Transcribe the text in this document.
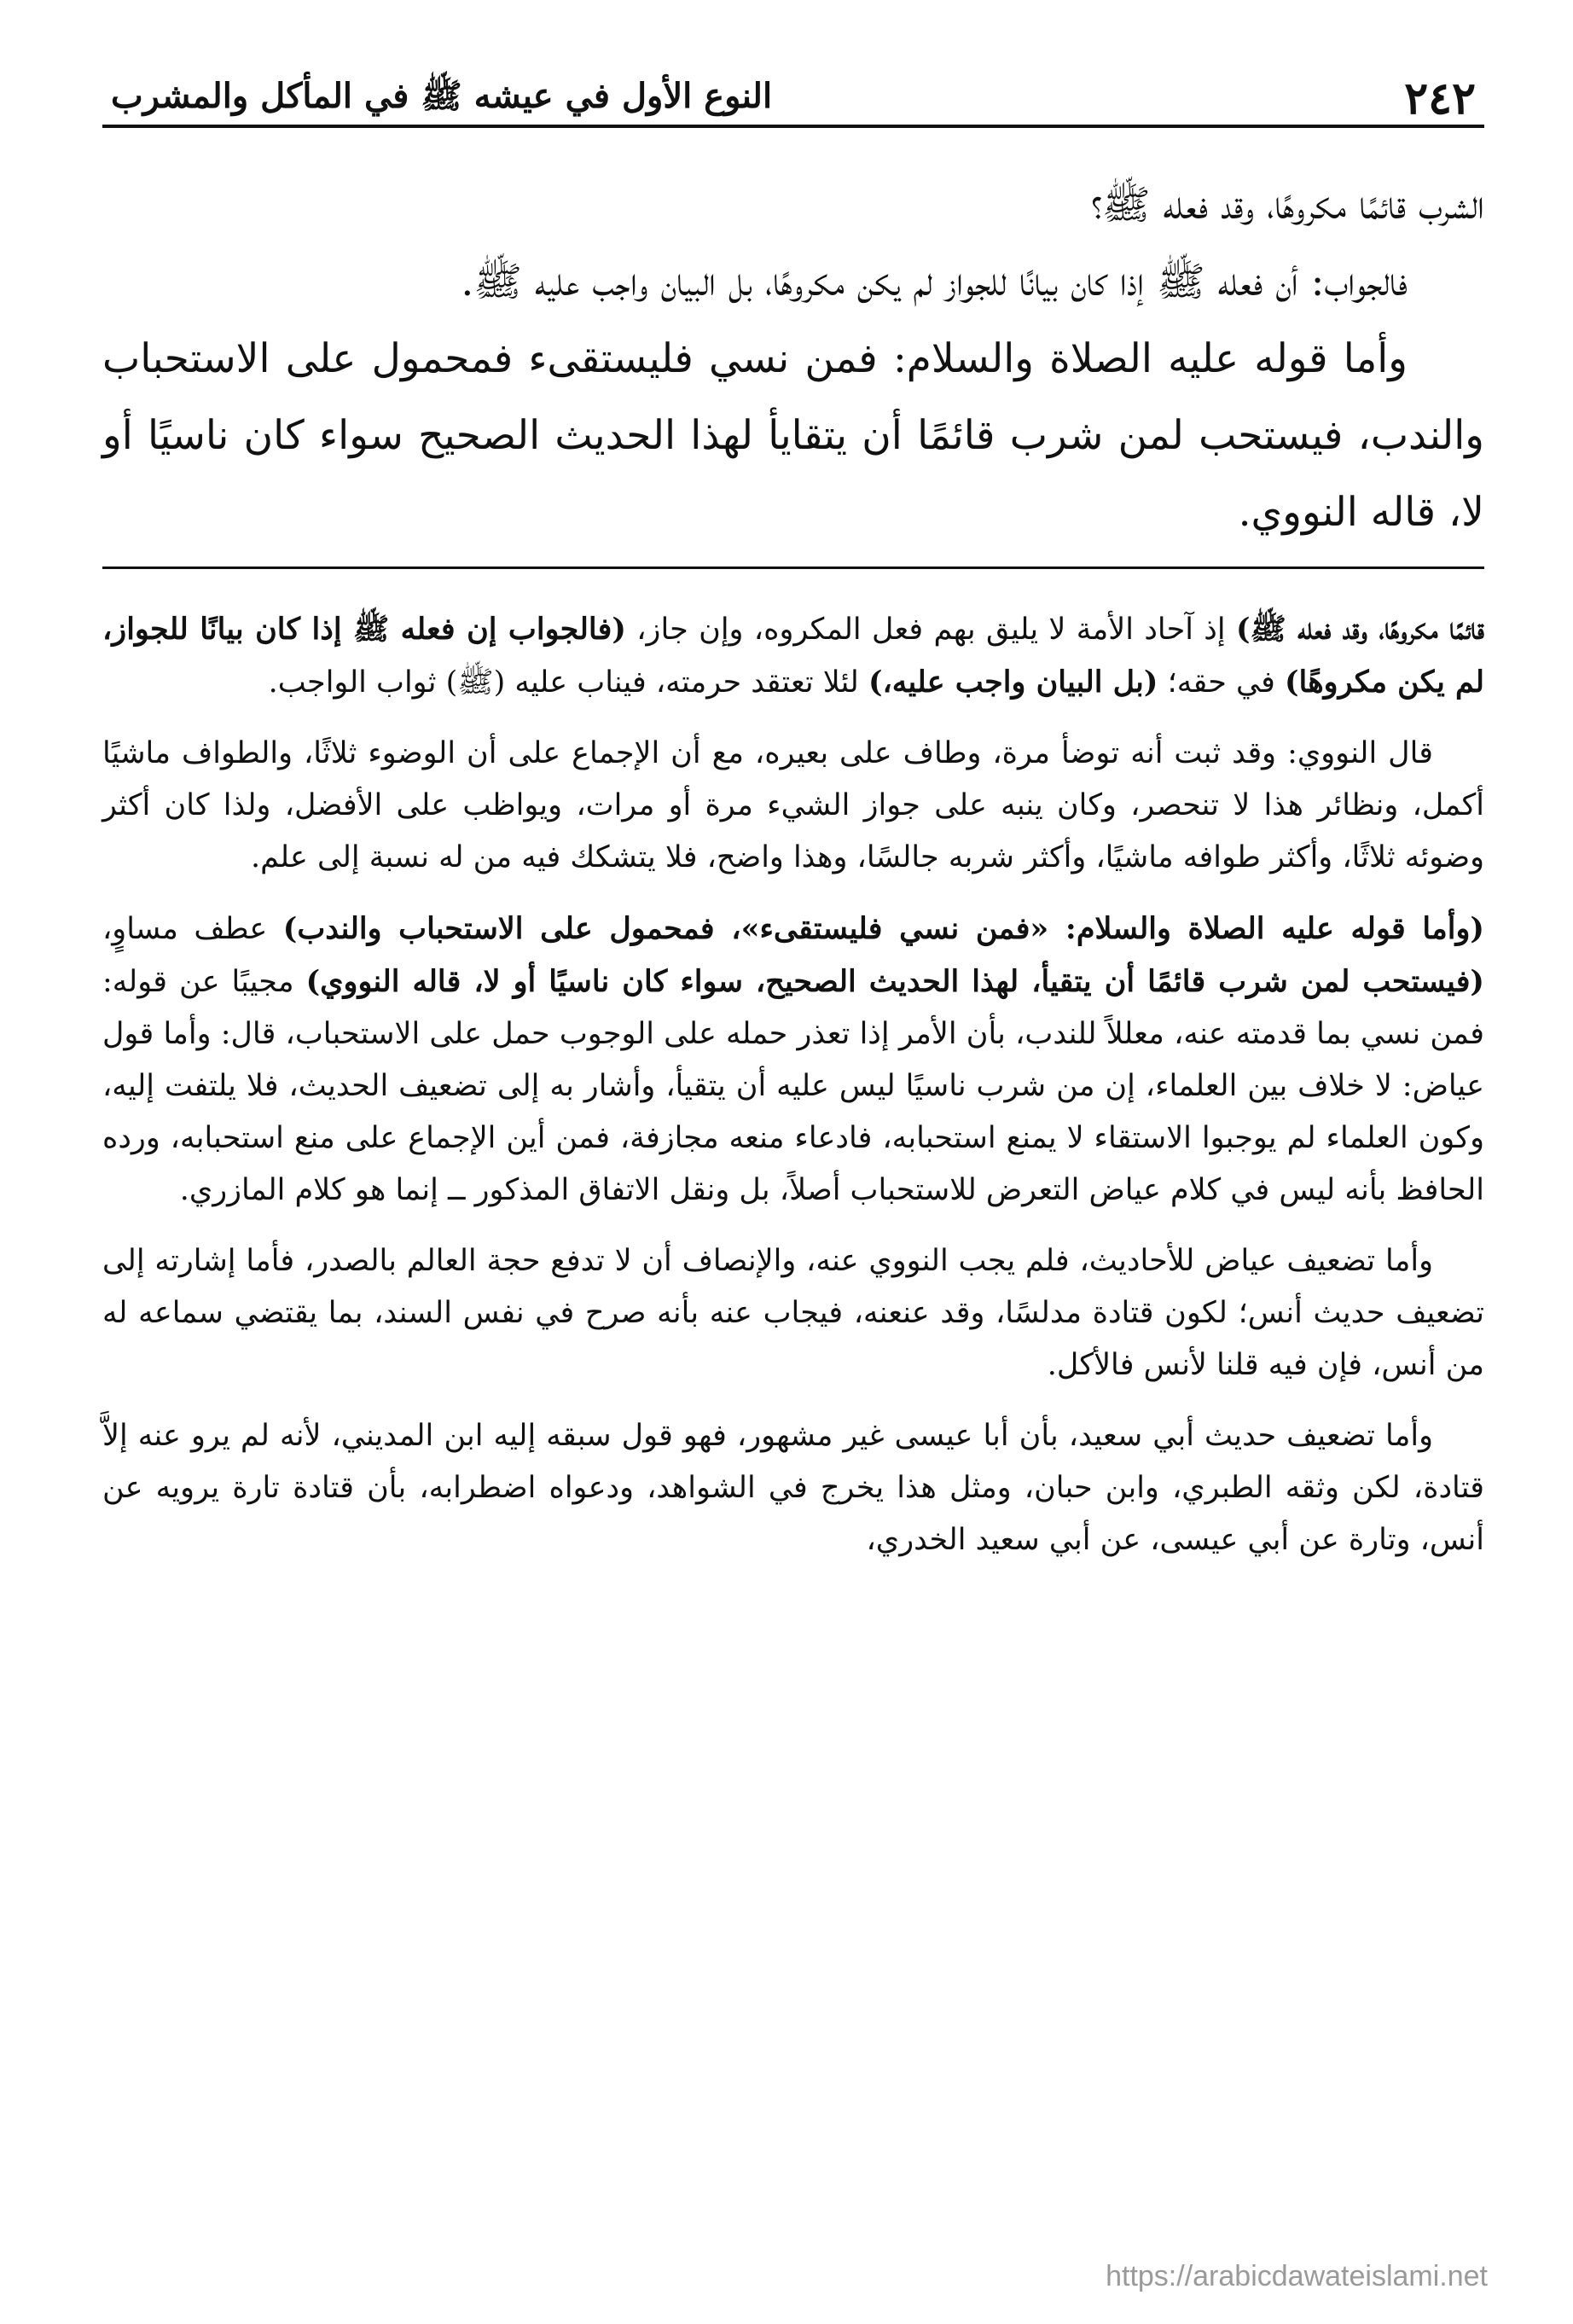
٢٤٢
النوع الأول في عيشه ﷺ في المأكل والمشرب

الشرب قائمًا مكروهًا، وقد فعله ﷺ؟

فالجواب: أن فعله ﷺ إذا كان بيانًا للجواز لم يكن مكروهًا، بل البيان واجب عليه ﷺ.

وأما قوله عليه الصلاة والسلام: فمن نسي فليستقىء فمحمول على الاستحباب والندب، فيستحب لمن شرب قائمًا أن يتقايأ لهذا الحديث الصحيح سواء كان ناسيًا أو لا، قاله النووي.

قائمًا مكروهًا، وقد فعله ﷺ) إذ آحاد الأمة لا يليق بهم فعل المكروه، وإن جاز، (فالجواب إن فعله ﷺ إذا كان بيانًا للجواز، لم يكن مكروهًا) في حقه؛ (بل البيان واجب عليه،) لئلا تعتقد حرمته، فيناب عليه (ﷺ) ثواب الواجب.

قال النووي: وقد ثبت أنه توضأ مرة، وطاف على بعيره، مع أن الإجماع على أن الوضوء ثلاثًا، والطواف ماشيًا أكمل، ونظائر هذا لا تنحصر، وكان ينبه على جواز الشيء مرة أو مرات، ويواظب على الأفضل، ولذا كان أكثر وضوئه ثلاثًا، وأكثر طوافه ماشيًا، وأكثر شربه جالسًا، وهذا واضح، فلا يتشكك فيه من له نسبة إلى علم.

(وأما قوله عليه الصلاة والسلام: «فمن نسي فليستقىء»، فمحمول على الاستحباب والندب) عطف مساوٍ، (فيستحب لمن شرب قائمًا أن يتقيأ، لهذا الحديث الصحيح، سواء كان ناسيًا أو لا، قاله النووي) مجيبًا عن قوله: فمن نسي بما قدمته عنه، معللاً للندب، بأن الأمر إذا تعذر حمله على الوجوب حمل على الاستحباب، قال: وأما قول عياض: لا خلاف بين العلماء، إن من شرب ناسيًا ليس عليه أن يتقيأ، وأشار به إلى تضعيف الحديث، فلا يلتفت إليه، وكون العلماء لم يوجبوا الاستقاء لا يمنع استحبابه، فادعاء منعه مجازفة، فمن أين الإجماع على منع استحبابه، ورده الحافظ بأنه ليس في كلام عياض التعرض للاستحباب أصلاً، بل ونقل الاتفاق المذكور ــ إنما هو كلام المازري.

وأما تضعيف عياض للأحاديث، فلم يجب النووي عنه، والإنصاف أن لا تدفع حجة العالم بالصدر، فأما إشارته إلى تضعيف حديث أنس؛ لكون قتادة مدلسًا، وقد عنعنه، فيجاب عنه بأنه صرح في نفس السند، بما يقتضي سماعه له من أنس، فإن فيه قلنا لأنس فالأكل.

وأما تضعيف حديث أبي سعيد، بأن أبا عيسى غير مشهور، فهو قول سبقه إليه ابن المديني، لأنه لم يرو عنه إلاَّ قتادة، لكن وثقه الطبري، وابن حبان، ومثل هذا يخرج في الشواهد، ودعواه اضطرابه، بأن قتادة تارة يرويه عن أنس، وتارة عن أبي عيسى، عن أبي سعيد الخدري،

https://arabicdawateislami.net
